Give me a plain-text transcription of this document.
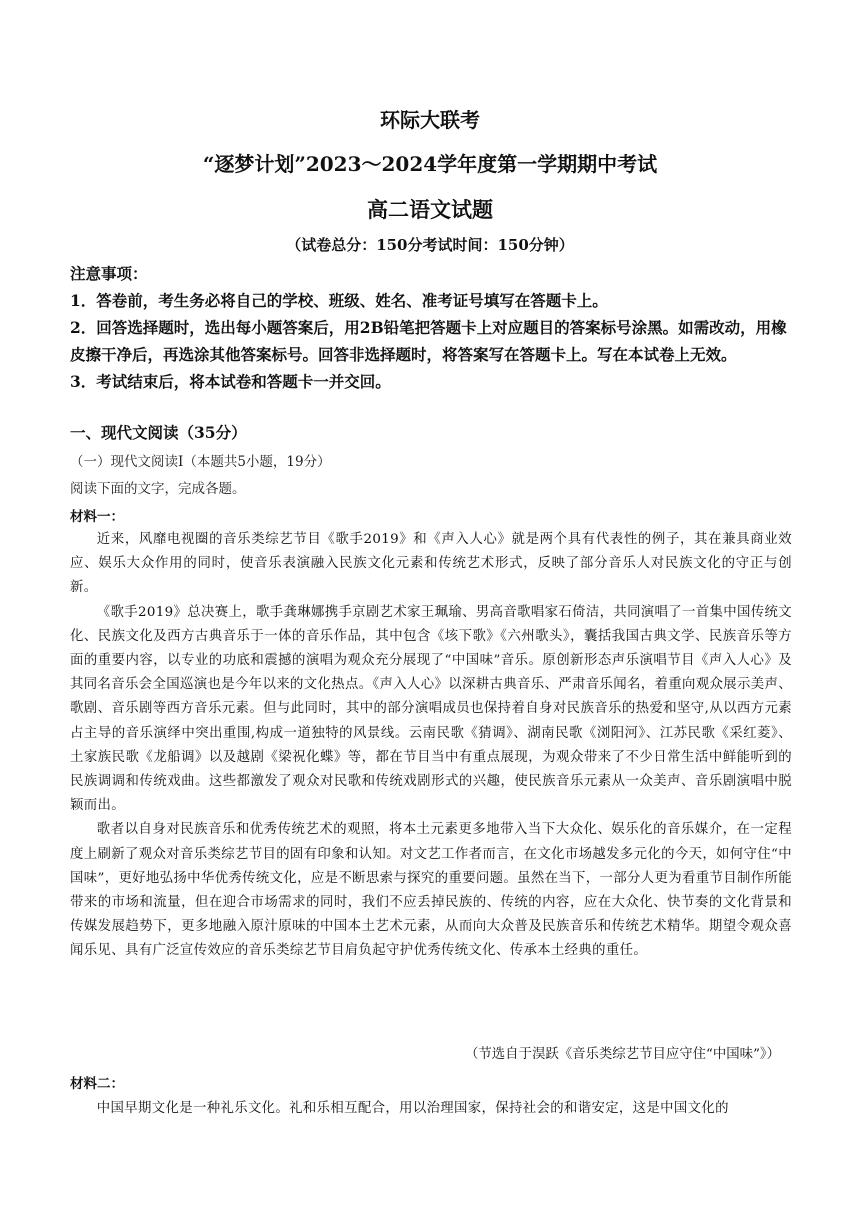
环际大联考
“逐梦计划”2023～2024学年度第一学期期中考试
高二语文试题
（试卷总分：150分考试时间：150分钟）

注意事项：

1．答卷前，考生务必将自己的学校、班级、姓名、准考证号填写在答题卡上。

2．回答选择题时，选出每小题答案后，用2B铅笔把答题卡上对应题目的答案标号涂黑。如需改动，用橡皮擦干净后，再选涂其他答案标号。回答非选择题时，将答案写在答题卡上。写在本试卷上无效。

3．考试结束后，将本试卷和答题卡一并交回。

一、现代文阅读（35分）
（一）现代文阅读Ⅰ（本题共5小题，19分）
阅读下面的文字，完成各题。
材料一：

近来，风靡电视圈的音乐类综艺节目《歌手2019》和《声入人心》就是两个具有代表性的例子，其在兼具商业效应、娱乐大众作用的同时，使音乐表演融入民族文化元素和传统艺术形式，反映了部分音乐人对民族文化的守正与创新。

《歌手2019》总决赛上，歌手龚琳娜携手京剧艺术家王珮瑜、男高音歌唱家石倚洁，共同演唱了一首集中国传统文化、民族文化及西方古典音乐于一体的音乐作品，其中包含《垓下歌》《六州歌头》，囊括我国古典文学、民族音乐等方面的重要内容，以专业的功底和震撼的演唱为观众充分展现了“中国味”音乐。原创新形态声乐演唱节目《声入人心》及其同名音乐会全国巡演也是今年以来的文化热点。《声入人心》以深耕古典音乐、严肃音乐闻名，着重向观众展示美声、歌剧、音乐剧等西方音乐元素。但与此同时，其中的部分演唱成员也保持着自身对民族音乐的热爱和坚守,从以西方元素占主导的音乐演绎中突出重围,构成一道独特的风景线。云南民歌《猜调》、湖南民歌《浏阳河》、江苏民歌《采红菱》、土家族民歌《龙船调》以及越剧《梁祝化蝶》等，都在节目当中有重点展现，为观众带来了不少日常生活中鲜能听到的民族调调和传统戏曲。这些都激发了观众对民歌和传统戏剧形式的兴趣，使民族音乐元素从一众美声、音乐剧演唱中脱颖而出。

歌者以自身对民族音乐和优秀传统艺术的观照，将本土元素更多地带入当下大众化、娱乐化的音乐媒介，在一定程度上刷新了观众对音乐类综艺节目的固有印象和认知。对文艺工作者而言，在文化市场越发多元化的今天，如何守住“中国味”，更好地弘扬中华优秀传统文化，应是不断思索与探究的重要问题。虽然在当下，一部分人更为看重节目制作所能带来的市场和流量，但在迎合市场需求的同时，我们不应丢掉民族的、传统的内容，应在大众化、快节奏的文化背景和传媒发展趋势下，更多地融入原汁原味的中国本土艺术元素，从而向大众普及民族音乐和传统艺术精华。期望令观众喜闻乐见、具有广泛宣传效应的音乐类综艺节目肩负起守护优秀传统文化、传承本土经典的重任。

（节选自于淏跃《音乐类综艺节目应守住“中国味”》）
材料二：

中国早期文化是一种礼乐文化。礼和乐相互配合，用以治理国家，保持社会的和谐安定，这是中国文化的
